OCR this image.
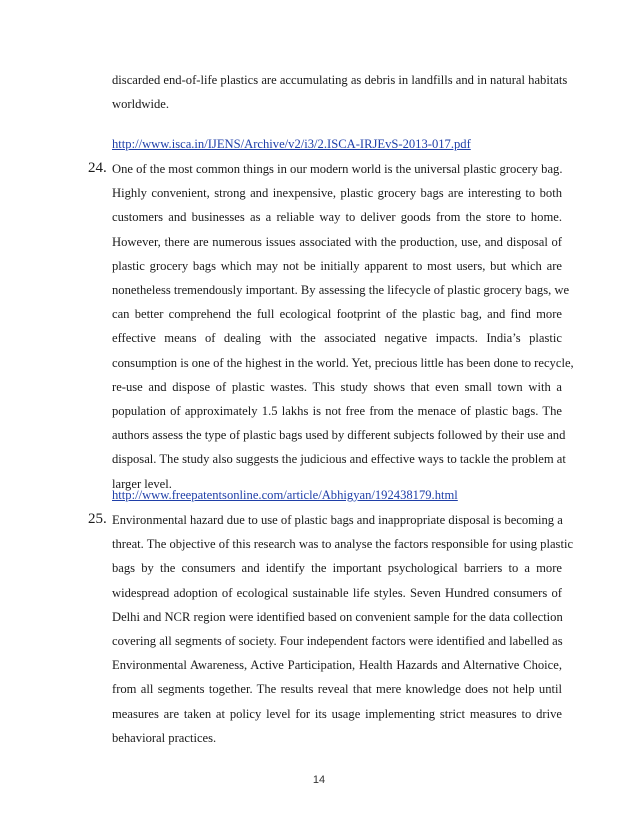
discarded end-of-life plastics are accumulating as debris in landfills and in natural habitats
worldwide.
http://www.isca.in/IJENS/Archive/v2/i3/2.ISCA-IRJEvS-2013-017.pdf
24. One of the most common things in our modern world is the universal plastic grocery bag.
Highly convenient, strong and inexpensive, plastic grocery bags are interesting to both
customers and businesses as a reliable way to deliver goods from the store to home.
However, there are numerous issues associated with the production, use, and disposal of
plastic grocery bags which may not be initially apparent to most users, but which are
nonetheless tremendously important. By assessing the lifecycle of plastic grocery bags, we
can better comprehend the full ecological footprint of the plastic bag, and find more
effective means of dealing with the associated negative impacts. India’s plastic
consumption is one of the highest in the world. Yet, precious little has been done to recycle,
re-use and dispose of plastic wastes. This study shows that even small town with a
population of approximately 1.5 lakhs is not free from the menace of plastic bags. The
authors assess the type of plastic bags used by different subjects followed by their use and
disposal. The study also suggests the judicious and effective ways to tackle the problem at
larger level.
http://www.freepatentsonline.com/article/Abhigyan/192438179.html
25. Environmental hazard due to use of plastic bags and inappropriate disposal is becoming a
threat. The objective of this research was to analyse the factors responsible for using plastic
bags by the consumers and identify the important psychological barriers to a more
widespread adoption of ecological sustainable life styles. Seven Hundred consumers of
Delhi and NCR region were identified based on convenient sample for the data collection
covering all segments of society. Four independent factors were identified and labelled as
Environmental Awareness, Active Participation, Health Hazards and Alternative Choice,
from all segments together. The results reveal that mere knowledge does not help until
measures are taken at policy level for its usage implementing strict measures to drive
behavioral practices.
14
